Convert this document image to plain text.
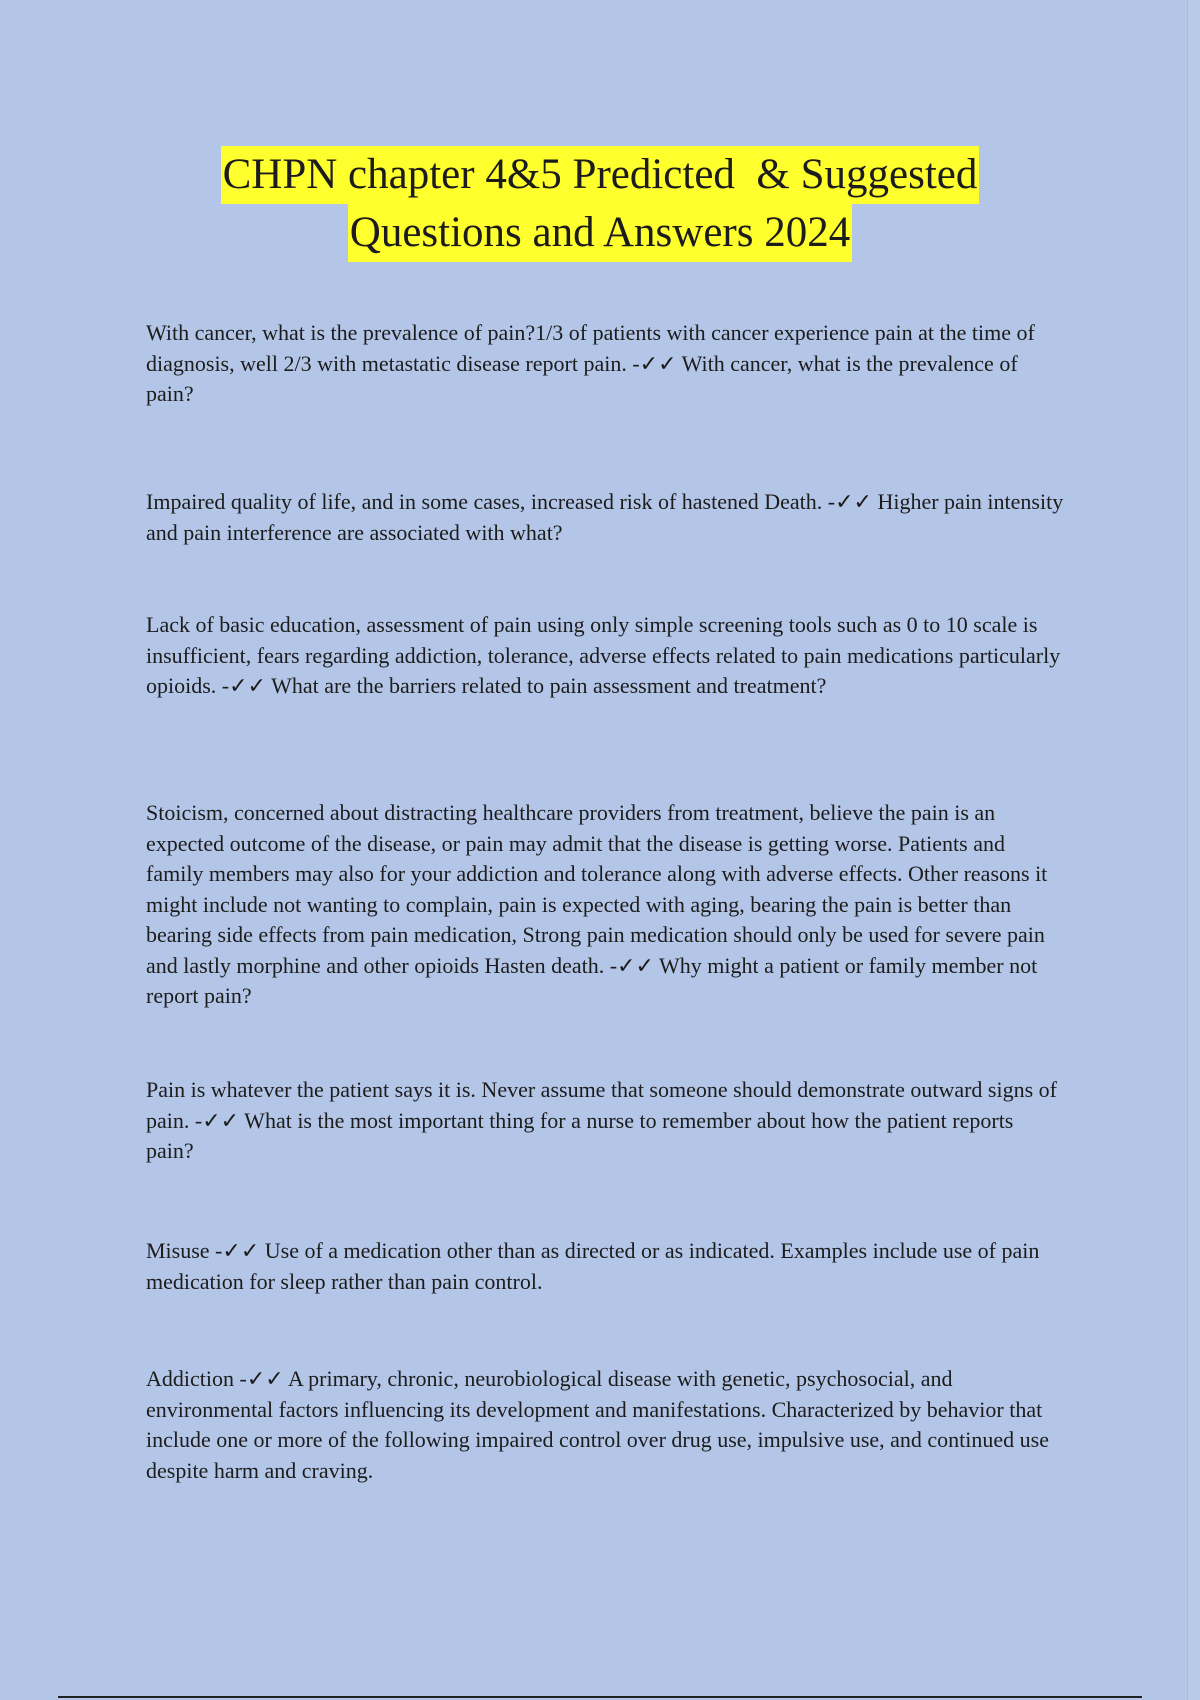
CHPN chapter 4&5 Predicted  & Suggested
Questions and Answers 2024

With cancer, what is the prevalence of pain?1/3 of patients with cancer experience pain at the time of diagnosis, well 2/3 with metastatic disease report pain. -✓✓ With cancer, what is the prevalence of pain?

Impaired quality of life, and in some cases, increased risk of hastened Death. -✓✓ Higher pain intensity and pain interference are associated with what?

Lack of basic education, assessment of pain using only simple screening tools such as 0 to 10 scale is insufficient, fears regarding addiction, tolerance, adverse effects related to pain medications particularly opioids. -✓✓ What are the barriers related to pain assessment and treatment?

Stoicism, concerned about distracting healthcare providers from treatment, believe the pain is an expected outcome of the disease, or pain may admit that the disease is getting worse. Patients and family members may also for your addiction and tolerance along with adverse effects. Other reasons it might include not wanting to complain, pain is expected with aging, bearing the pain is better than bearing side effects from pain medication, Strong pain medication should only be used for severe pain and lastly morphine and other opioids Hasten death. -✓✓ Why might a patient or family member not report pain?

Pain is whatever the patient says it is. Never assume that someone should demonstrate outward signs of pain. -✓✓ What is the most important thing for a nurse to remember about how the patient reports pain?

Misuse -✓✓ Use of a medication other than as directed or as indicated. Examples include use of pain medication for sleep rather than pain control.

Addiction -✓✓ A primary, chronic, neurobiological disease with genetic, psychosocial, and environmental factors influencing its development and manifestations. Characterized by behavior that include one or more of the following impaired control over drug use, impulsive use, and continued use despite harm and craving.
